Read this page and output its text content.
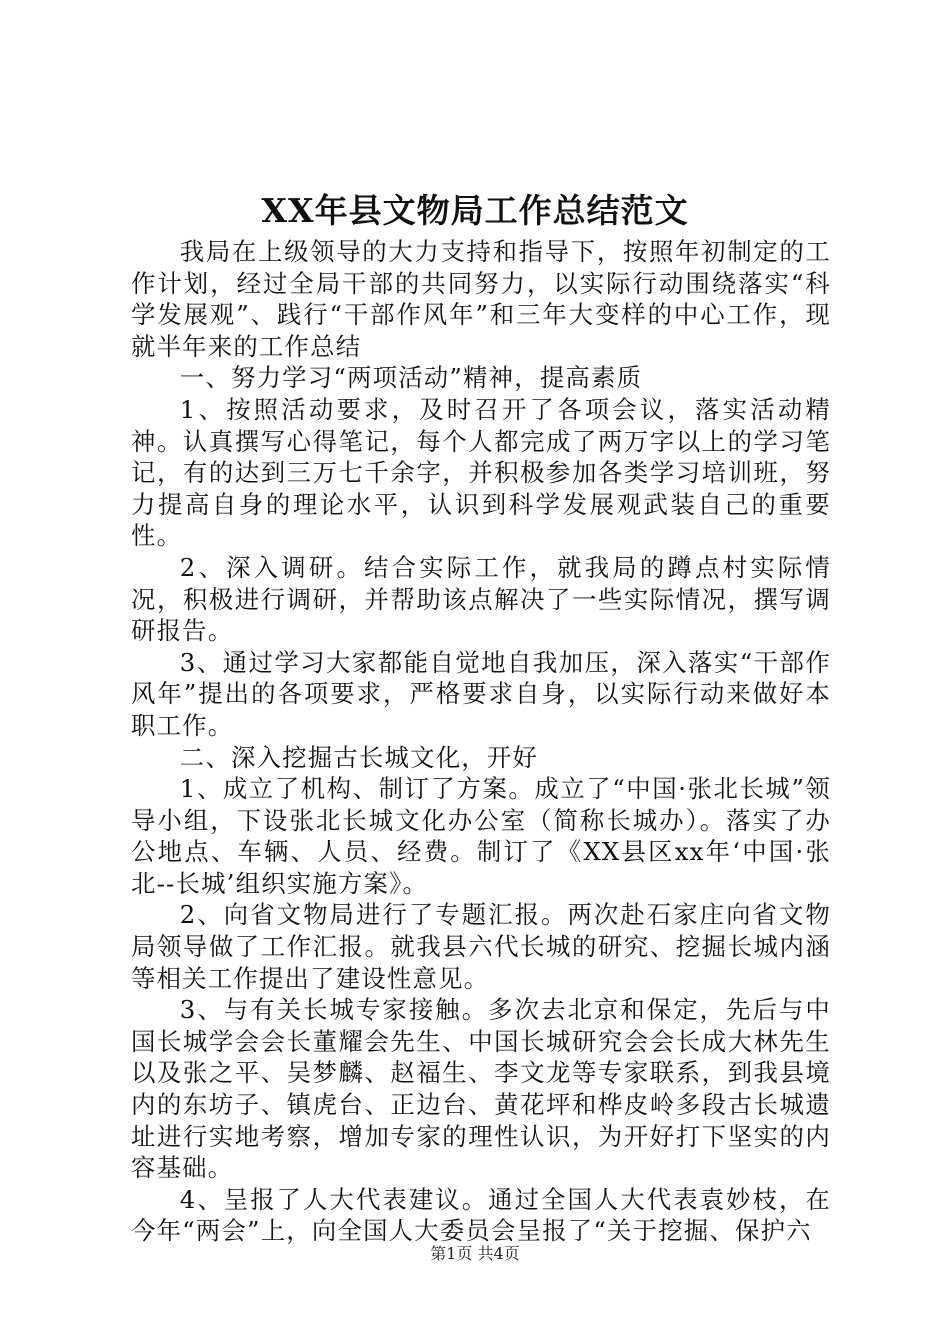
XX年县文物局工作总结范文

我局在上级领导的大力支持和指导下，按照年初制定的工作计划，经过全局干部的共同努力，以实际行动围绕落实“科学发展观”、践行“干部作风年”和三年大变样的中心工作，现就半年来的工作总结

一、努力学习“两项活动”精神，提高素质

1、按照活动要求，及时召开了各项会议，落实活动精神。认真撰写心得笔记，每个人都完成了两万字以上的学习笔记，有的达到三万七千余字，并积极参加各类学习培训班，努力提高自身的理论水平，认识到科学发展观武装自己的重要性。

2、深入调研。结合实际工作，就我局的蹲点村实际情况，积极进行调研，并帮助该点解决了一些实际情况，撰写调研报告。

3、通过学习大家都能自觉地自我加压，深入落实“干部作风年”提出的各项要求，严格要求自身，以实际行动来做好本职工作。

二、深入挖掘古长城文化，开好

1、成立了机构、制订了方案。成立了“中国·张北长城”领导小组，下设张北长城文化办公室（简称长城办）。落实了办公地点、车辆、人员、经费。制订了《XX县区xx年‘中国·张北--长城’组织实施方案》。

2、向省文物局进行了专题汇报。两次赴石家庄向省文物局领导做了工作汇报。就我县六代长城的研究、挖掘长城内涵等相关工作提出了建设性意见。

3、与有关长城专家接触。多次去北京和保定，先后与中国长城学会会长董耀会先生、中国长城研究会会长成大林先生以及张之平、吴梦麟、赵福生、李文龙等专家联系，到我县境内的东坊子、镇虎台、正边台、黄花坪和桦皮岭多段古长城遗址进行实地考察，增加专家的理性认识，为开好打下坚实的内容基础。

4、呈报了人大代表建议。通过全国人大代表袁妙枝，在今年“两会”上，向全国人大委员会呈报了“关于挖掘、保护六

第1页 共4页
